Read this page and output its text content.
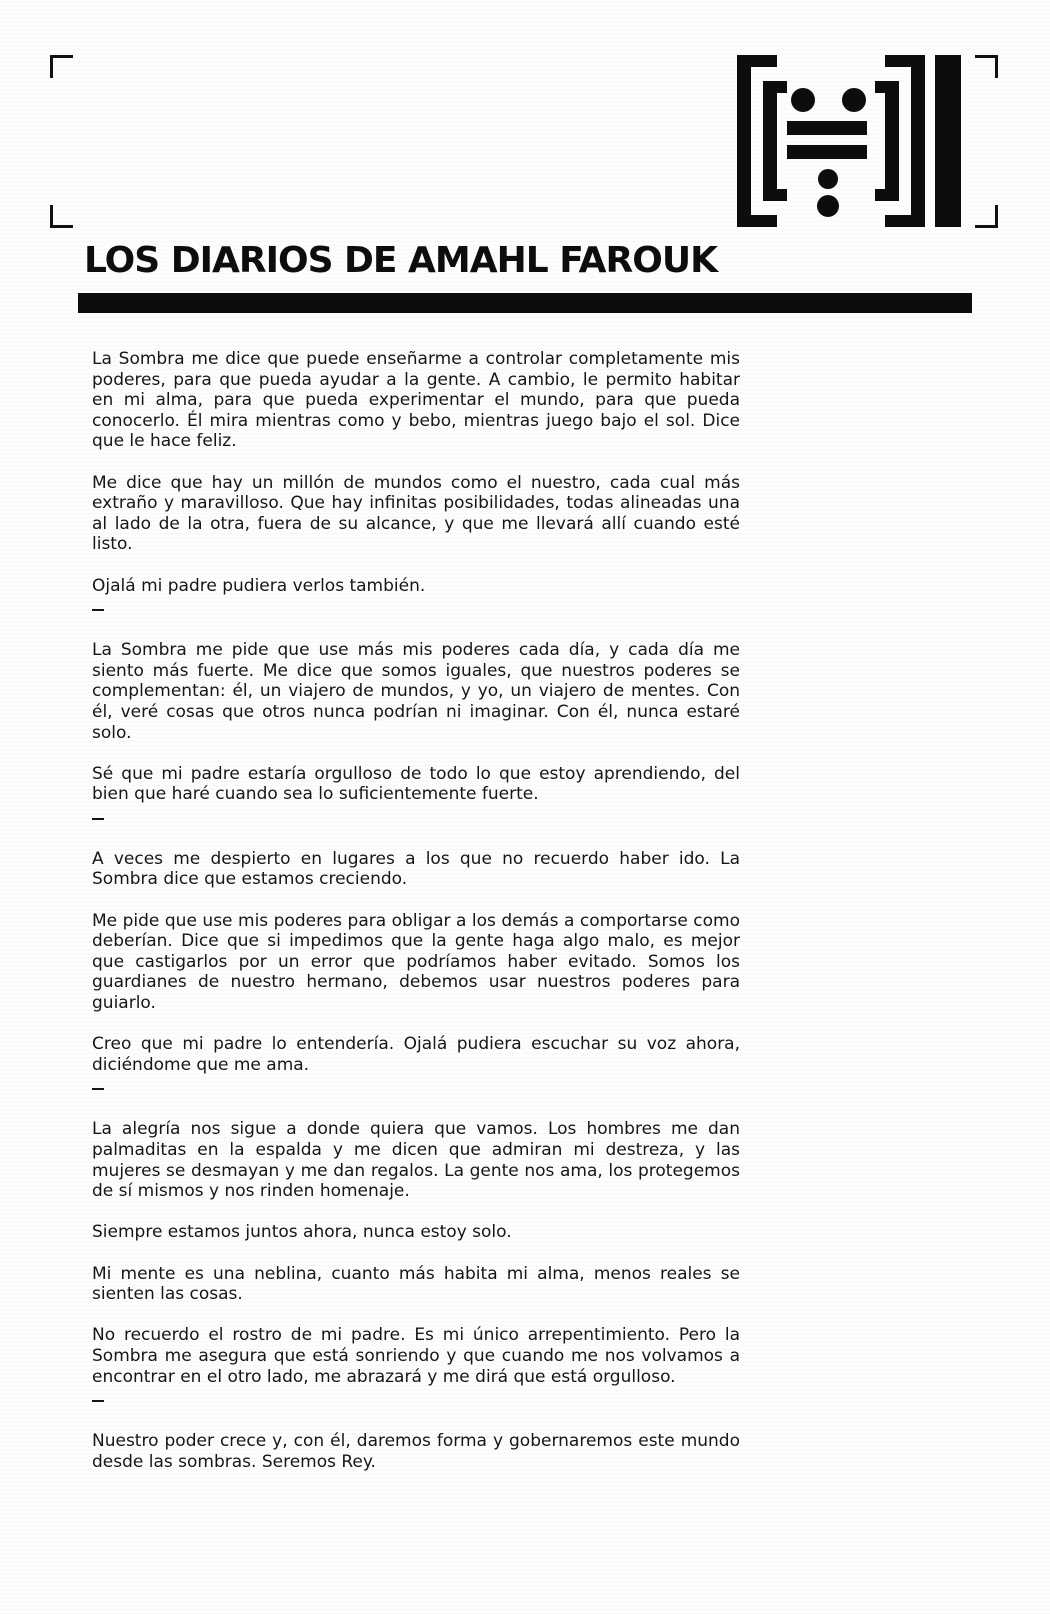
LOS DIARIOS DE AMAHL FAROUK

La Sombra me dice que puede enseñarme a controlar completamente mis poderes, para que pueda ayudar a la gente. A cambio, le permito habitar en mi alma, para que pueda experimentar el mundo, para que pueda conocerlo. Él mira mientras como y bebo, mientras juego bajo el sol. Dice que le hace feliz.

Me dice que hay un millón de mundos como el nuestro, cada cual más extraño y maravilloso. Que hay infinitas posibilidades, todas alineadas una al lado de la otra, fuera de su alcance, y que me llevará allí cuando esté listo.

Ojalá mi padre pudiera verlos también.

La Sombra me pide que use más mis poderes cada día, y cada día me siento más fuerte. Me dice que somos iguales, que nuestros poderes se complementan: él, un viajero de mundos, y yo, un viajero de mentes. Con él, veré cosas que otros nunca podrían ni imaginar. Con él, nunca estaré solo.

Sé que mi padre estaría orgulloso de todo lo que estoy aprendiendo, del bien que haré cuando sea lo suficientemente fuerte.

A veces me despierto en lugares a los que no recuerdo haber ido. La Sombra dice que estamos creciendo.

Me pide que use mis poderes para obligar a los demás a comportarse como deberían. Dice que si impedimos que la gente haga algo malo, es mejor que castigarlos por un error que podríamos haber evitado. Somos los guardianes de nuestro hermano, debemos usar nuestros poderes para guiarlo.

Creo que mi padre lo entendería. Ojalá pudiera escuchar su voz ahora, diciéndome que me ama.

La alegría nos sigue a donde quiera que vamos. Los hombres me dan palmaditas en la espalda y me dicen que admiran mi destreza, y las mujeres se desmayan y me dan regalos. La gente nos ama, los protegemos de sí mismos y nos rinden homenaje.

Siempre estamos juntos ahora, nunca estoy solo.

Mi mente es una neblina, cuanto más habita mi alma, menos reales se sienten las cosas.

No recuerdo el rostro de mi padre. Es mi único arrepentimiento. Pero la Sombra me asegura que está sonriendo y que cuando me nos volvamos a encontrar en el otro lado, me abrazará y me dirá que está orgulloso.

Nuestro poder crece y, con él, daremos forma y gobernaremos este mundo desde las sombras. Seremos Rey.
